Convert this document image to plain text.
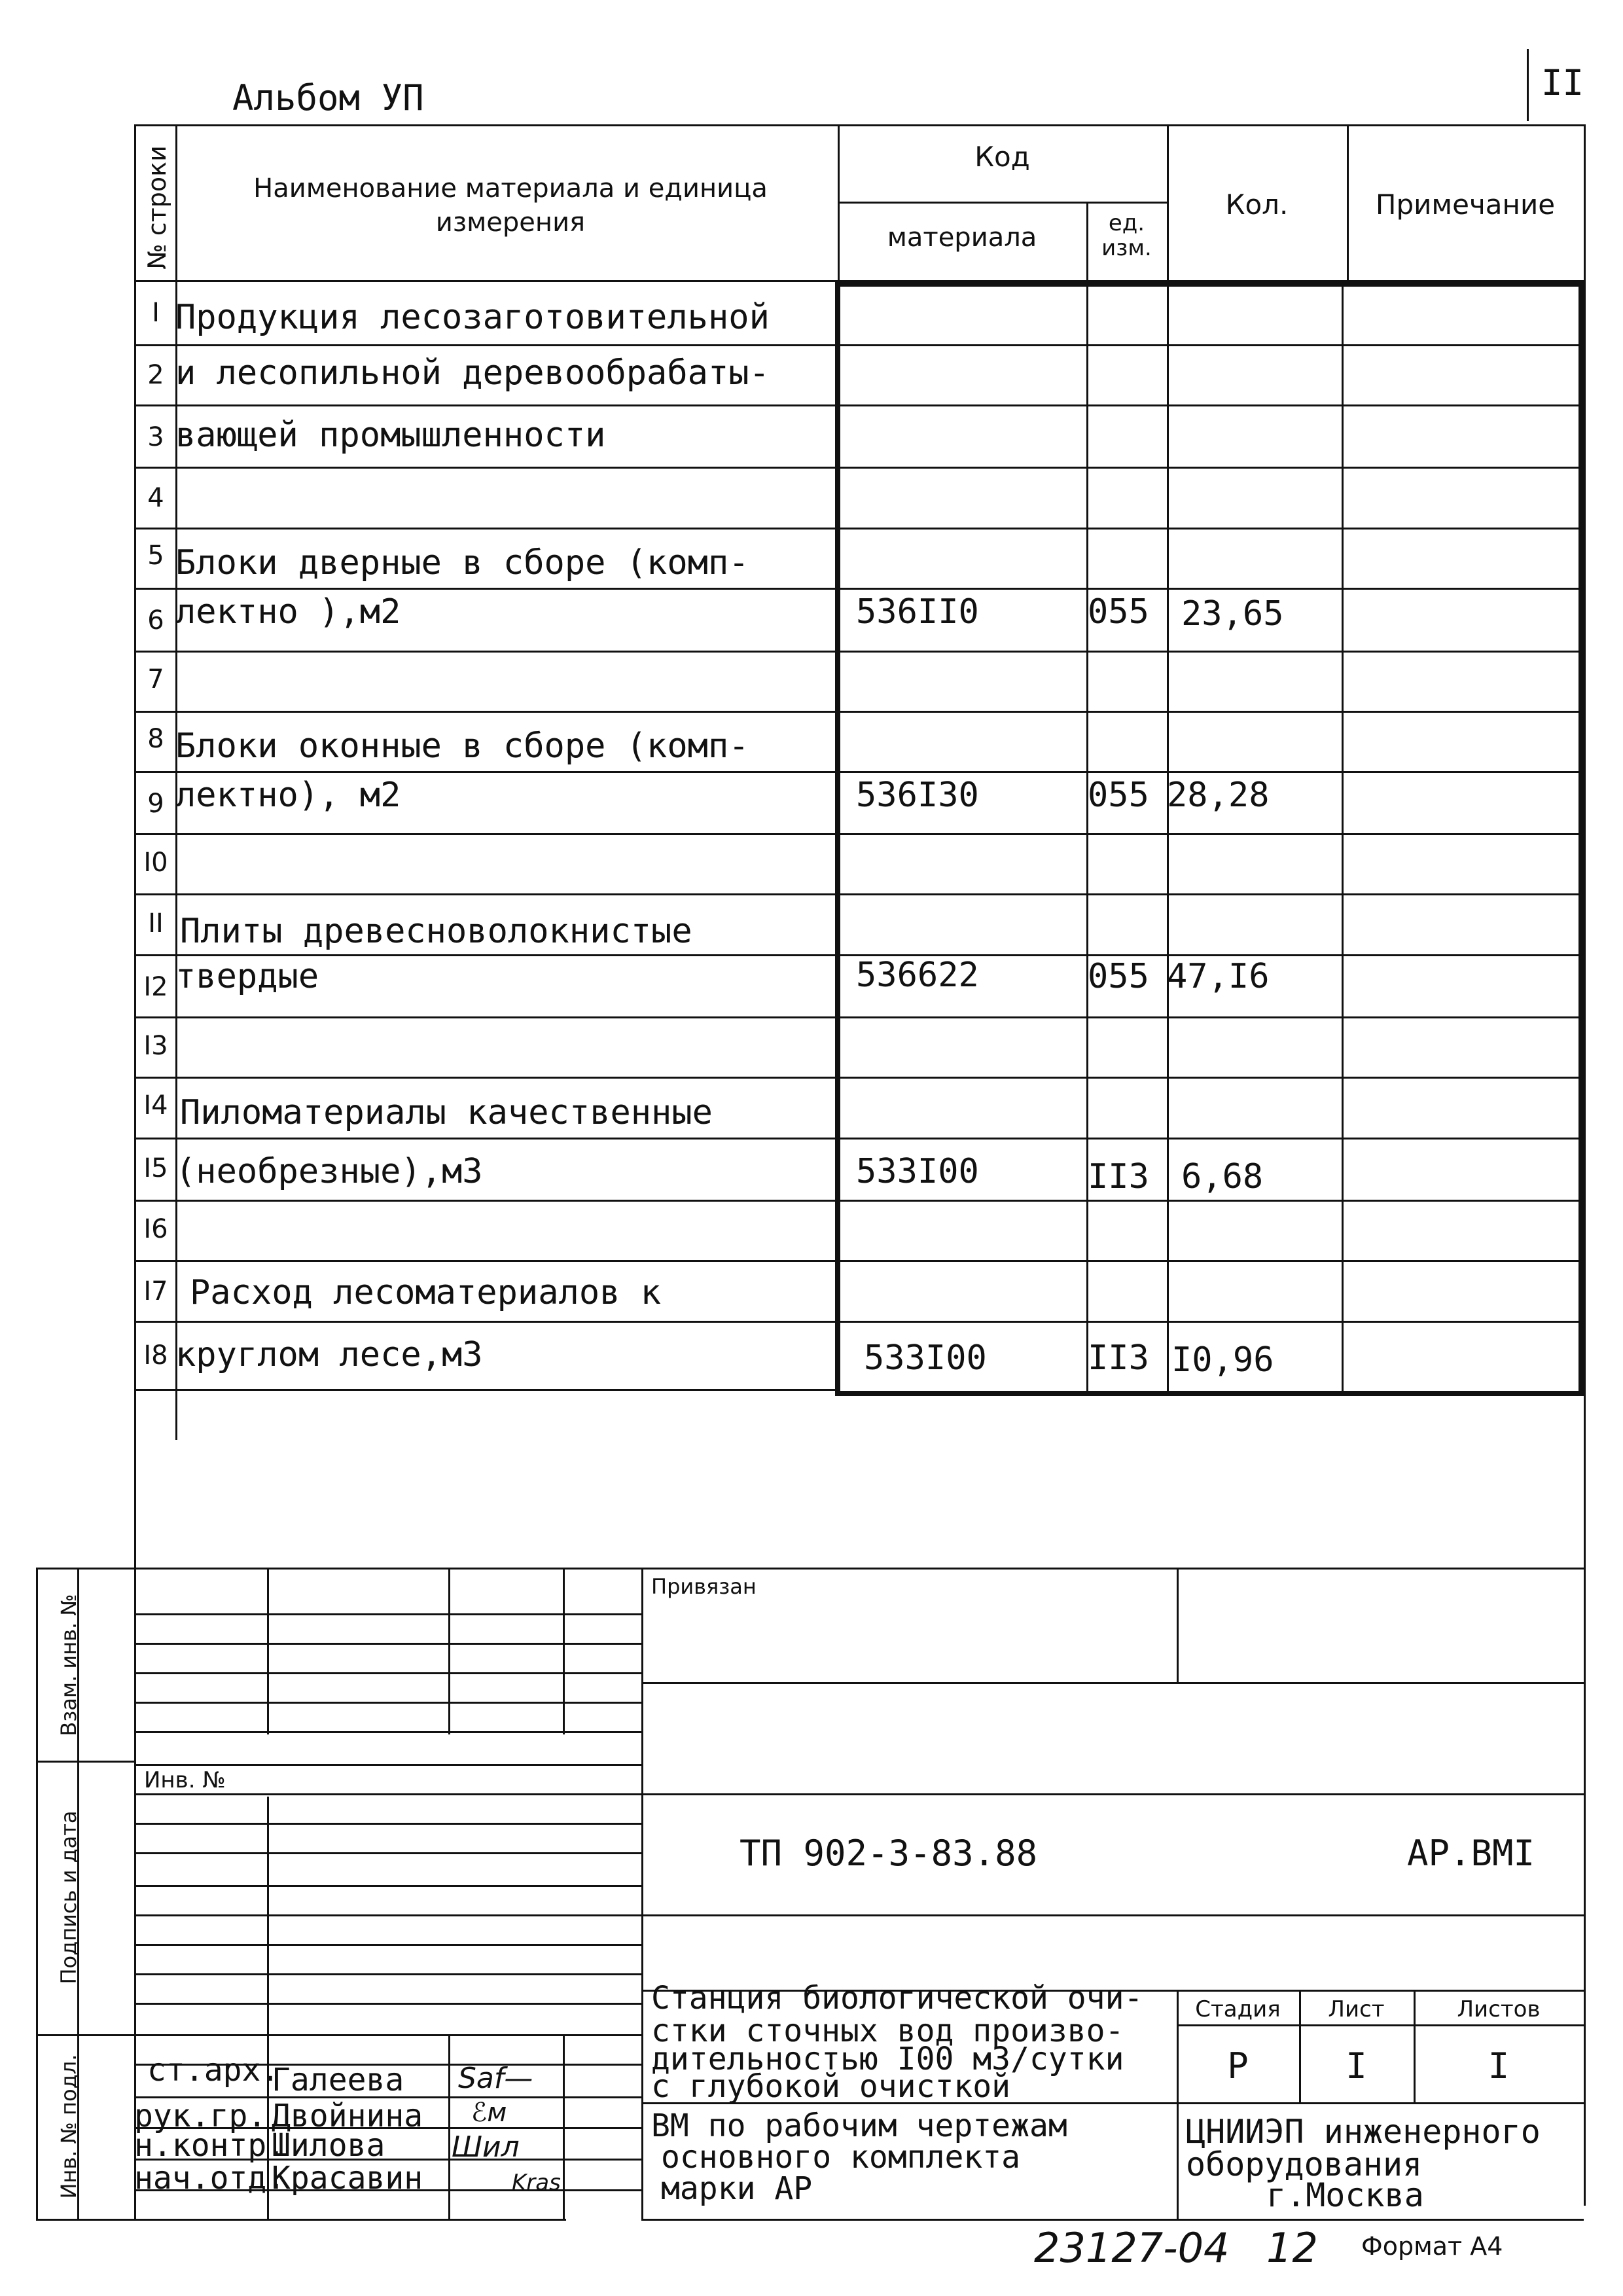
Альбом УП	II
№ строки	Наименование материала и единица измерения
Код
материала	ед. изм.
Кол.	Примечание
I Продукция лесозаготовительной
2 и лесопильной деревообрабаты-
3 вающей промышленности
4
5 Блоки дверные в сборе (комп-
6 лектно ),м2	536II0	055 23,65
7
8 Блоки оконные в сборе (комп-
9 лектно), м2	536I30	055 28,28
I0
II Плиты древесноволокнистые
I2 твердые	536622	055 47,I6
I3
I4 Пиломатериалы качественные
I5 (необрезные),м3	533I00	II3 6,68
I6
I7 Расход лесоматериалов к
I8 круглом лесе,м3	533I00	II3 I0,96
Взам. инв. №
Подпись и дата
Инв. № подл.
Инв. №
ст.арх.
Галеева Saf—
рук.гр. Двойнина ℰм
н.контр.
Шилова Шил
нач.отд.
Красавин	Kras
Привязан
ТП 902-3-83.88	АР.ВМI
Станция биологической очи-
стки сточных вод произво-
дительностью I00 м3/сутки
с глубокой очисткой
ВМ по рабочим чертежам
основного комплекта
марки АР
Стадия	Лист	Листов
Р	I	I
ЦНИИЭП инженерного
оборудования
г.Москва
23127-04 12 Формат А4
